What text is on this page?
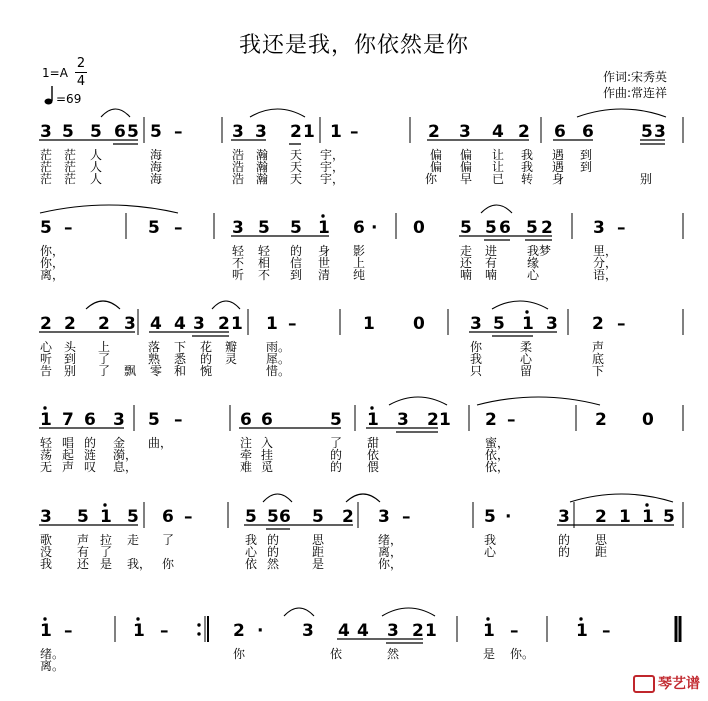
我还是我，你依然是你
1=A
2
4
=69
作词:宋秀英
作曲:常连祥
3 5 5 6 5 5 –	3 3 2 1 1 –	2 3 4 2 6 6	5 3
茫 茫 人	海	浩 瀚 天 宇，	偏 偏 让 我 遇 到
茫 茫 人	海	浩 瀚 天 宇，	偏 偏 让 我 遇 到
茫 茫 人	海	浩 瀚 天 宇，	你 早 已 转 身	别
5 –	5 –	3 5 5 1 6 · 0 5 5 6 5 2 3 –
你，	轻 轻 的 身 影	走 进 我梦	里，
你，	不 相 信 世 上	还 有 缘	分，
离，	听 不 到 清 纯	喃 喃 心	语，
2 2 2 3 4 4 3 2 1 1 –	1 0	3 5 1 3 2 –
心 头 上	落 下 花 瓣 雨。	你	柔	声
听 到 了	熟 悉 的 灵 犀。	我	心	底
告 别 了 飘 零 和 惋	惜。	只	留	下
1 7 6 3 5 –	6 6	5 1 3 2 1 2 –	2 0
轻 唱 的 金 曲，	注 入	了 甜	蜜，
荡 起 涟 漪，	牵 挂	的 依	依，
无 声 叹 息，	难 觅	的 偎	依，
3 5 1 5 6 –	5 5 6 5 2 3 –	5 ·	3 2 1 1 5
歌 声 拉 走 了	我 的	思	绪，	我	的 思
没 有 了	心 的	距	离，	心	的 距
我 还 是 我， 你	依 然	是	你，
1 –	1 –	2 · 3 4 4 3 2 1	1 –	1 –
绪。	你	依	然	是 你。
离。
琴艺谱
